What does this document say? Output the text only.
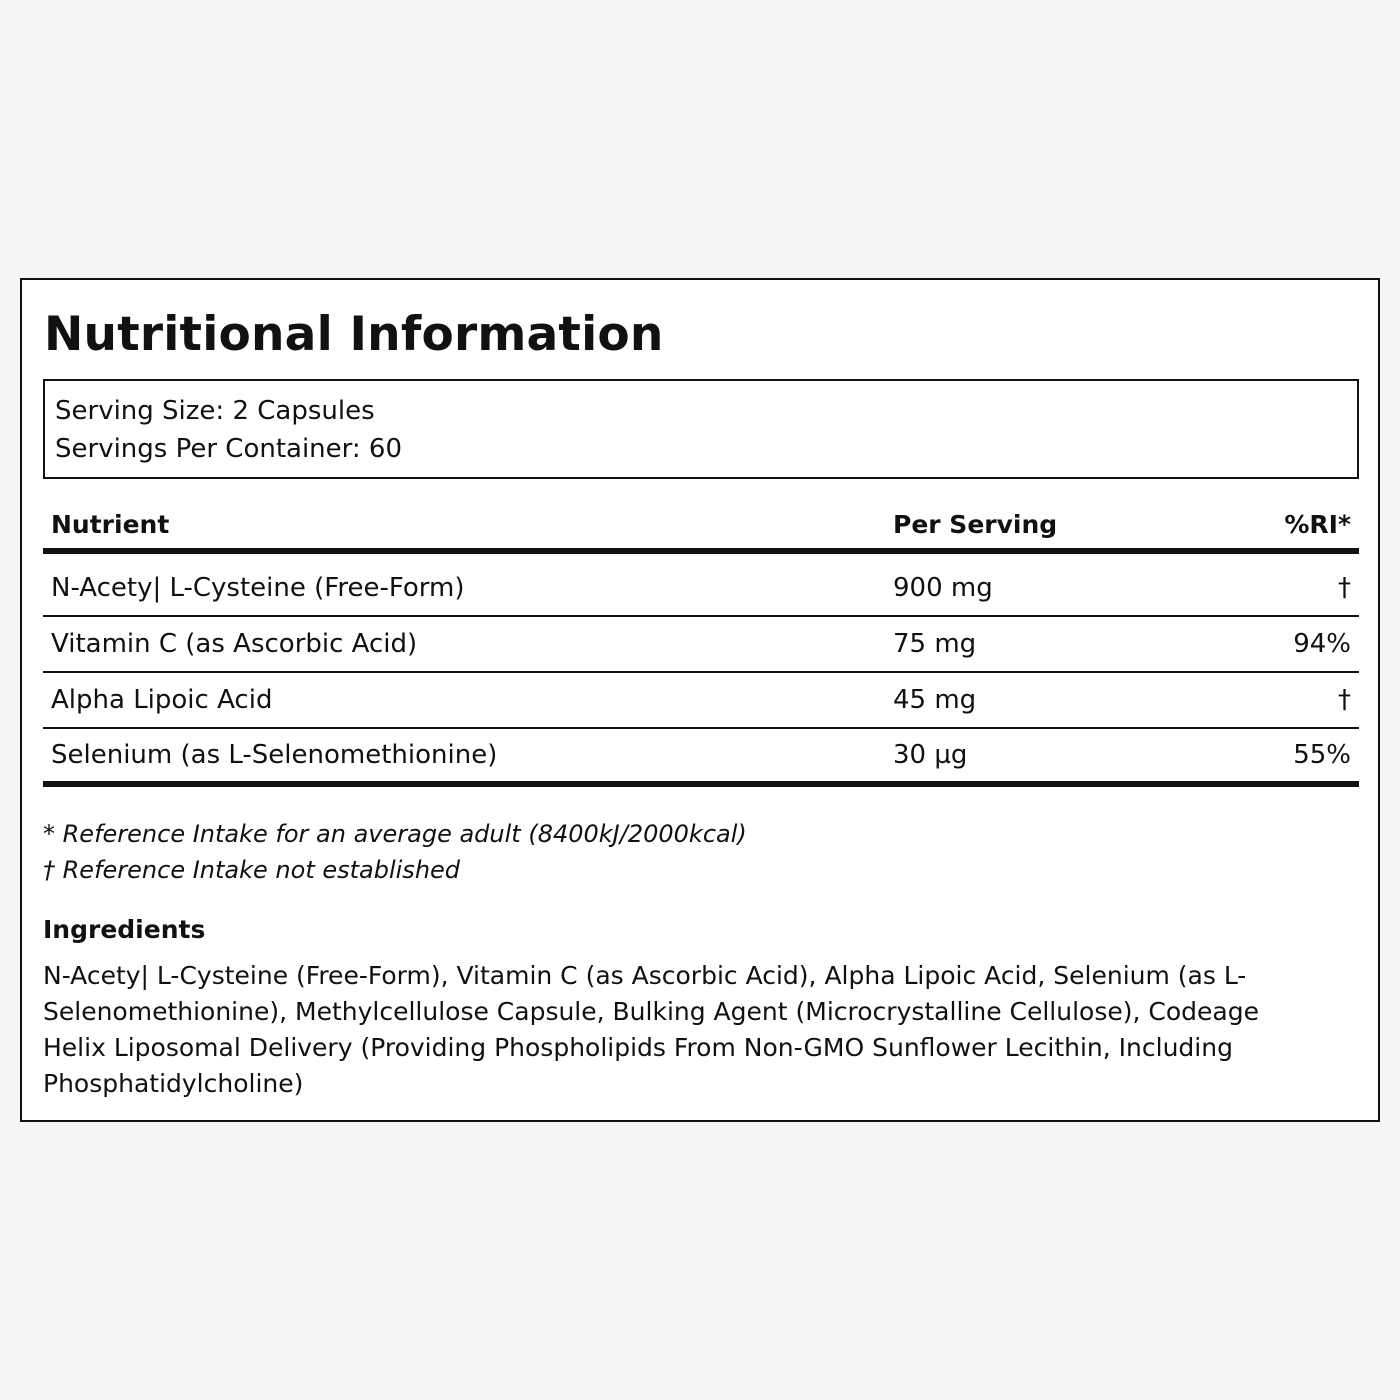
Nutritional Information
Serving Size: 2 Capsules
Servings Per Container: 60
Nutrient	Per Serving	%RI*
N-Acety| L-Cysteine (Free-Form)	900 mg	†
Vitamin C (as Ascorbic Acid)	75 mg	94%
Alpha Lipoic Acid	45 mg	†
Selenium (as L-Selenomethionine)	30 µg	55%
* Reference Intake for an average adult (8400kJ/2000kcal)
† Reference Intake not established
Ingredients

N-Acety| L-Cysteine (Free-Form), Vitamin C (as Ascorbic Acid), Alpha Lipoic Acid, Selenium (as L-Selenomethionine), Methylcellulose Capsule, Bulking Agent (Microcrystalline Cellulose), Codeage Helix Liposomal Delivery (Providing Phospholipids From Non-GMO Sunflower Lecithin, Including Phosphatidylcholine)
